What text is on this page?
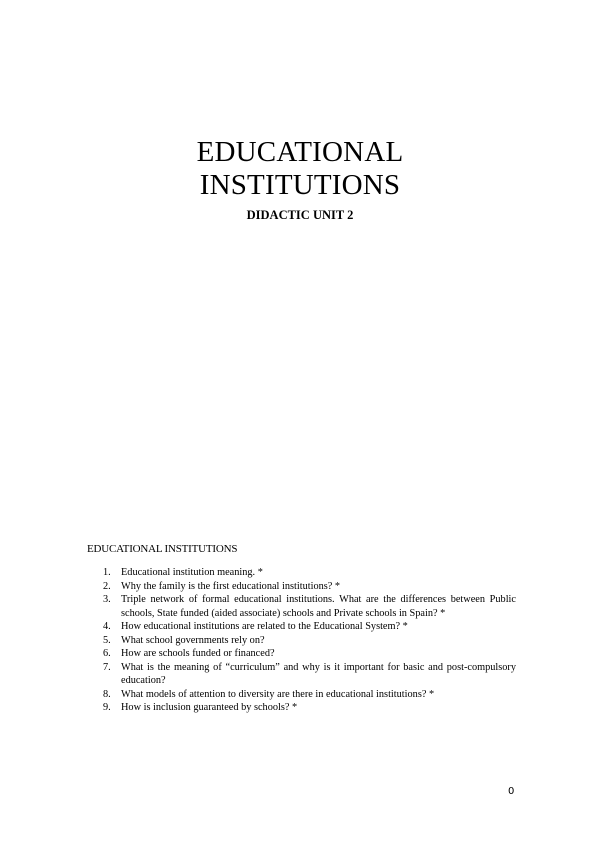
EDUCATIONAL
INSTITUTIONS
DIDACTIC UNIT 2
EDUCATIONAL INSTITUTIONS
1. Educational institution meaning. *
2. Why the family is the first educational institutions? *
3. Triple network of formal educational institutions. What are the differences between Public schools, State funded (aided associate) schools and Private schools in Spain? *
4. How educational institutions are related to the Educational System? *
5. What school governments rely on?
6. How are schools funded or financed?
7. What is the meaning of “curriculum” and why is it important for basic and post-compulsory education?
8. What models of attention to diversity are there in educational institutions? *
9. How is inclusion guaranteed by schools? *
0
